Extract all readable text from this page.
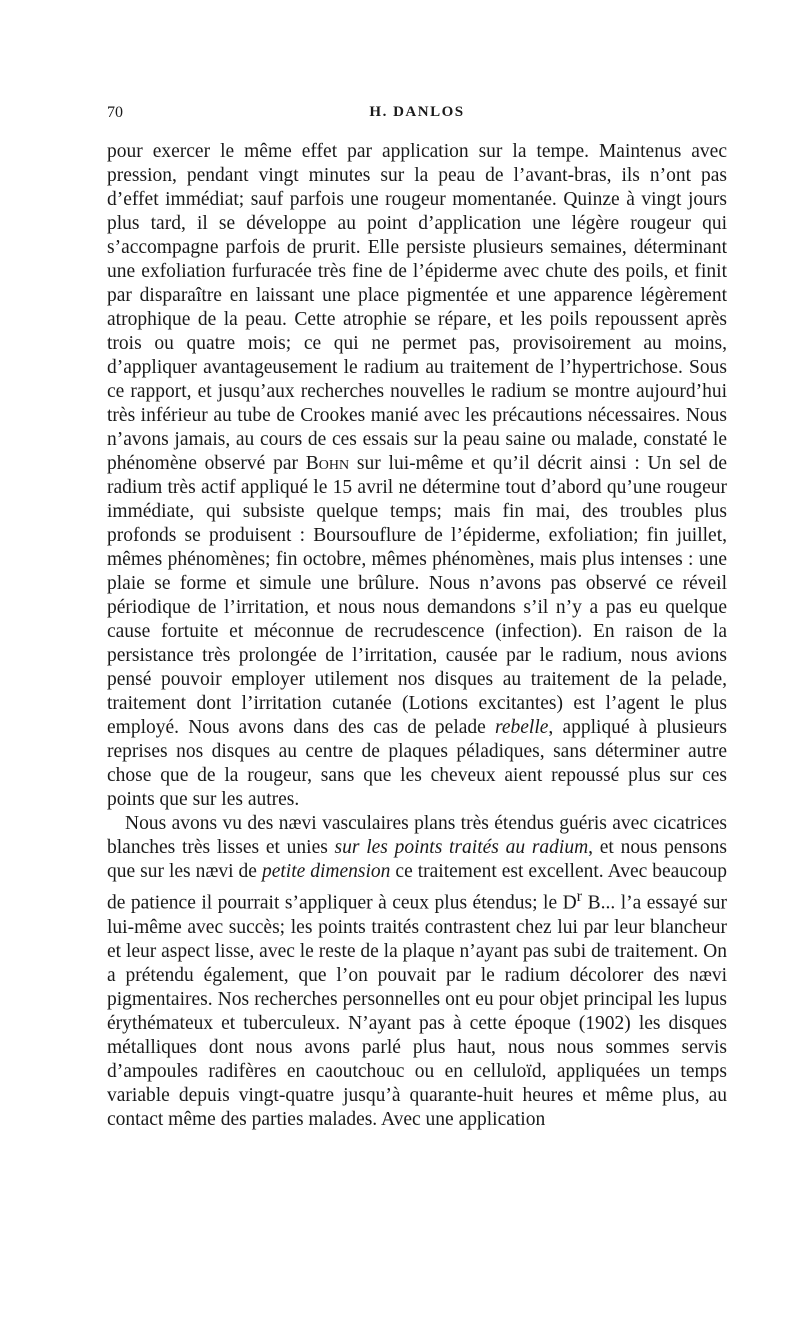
70	H. DANLOS

pour exercer le même effet par application sur la tempe. Maintenus avec pression, pendant vingt minutes sur la peau de l’avant-bras, ils n’ont pas d’effet immédiat; sauf parfois une rougeur momentanée. Quinze à vingt jours plus tard, il se développe au point d’application une légère rougeur qui s’accompagne parfois de prurit. Elle persiste plusieurs semaines, déterminant une exfoliation furfuracée très fine de l’épiderme avec chute des poils, et finit par disparaître en laissant une place pigmentée et une apparence légèrement atrophique de la peau. Cette atrophie se répare, et les poils repoussent après trois ou quatre mois; ce qui ne permet pas, provisoirement au moins, d’appliquer avantageusement le radium au traitement de l’hypertrichose. Sous ce rapport, et jusqu’aux recherches nouvelles le radium se montre aujourd’hui très inférieur au tube de Crookes manié avec les précautions nécessaires. Nous n’avons jamais, au cours de ces essais sur la peau saine ou malade, constaté le phénomène observé par Bohn sur lui-même et qu’il décrit ainsi : Un sel de radium très actif appliqué le 15 avril ne détermine tout d’abord qu’une rougeur immédiate, qui subsiste quelque temps; mais fin mai, des troubles plus profonds se produisent : Boursouflure de l’épiderme, exfoliation; fin juillet, mêmes phénomènes; fin octobre, mêmes phénomènes, mais plus intenses : une plaie se forme et simule une brûlure. Nous n’avons pas observé ce réveil périodique de l’irritation, et nous nous demandons s’il n’y a pas eu quelque cause fortuite et méconnue de recrudescence (infection). En raison de la persistance très prolongée de l’irritation, causée par le radium, nous avions pensé pouvoir employer utilement nos disques au traitement de la pelade, traitement dont l’irritation cutanée (Lotions excitantes) est l’agent le plus employé. Nous avons dans des cas de pelade rebelle, appliqué à plusieurs reprises nos disques au centre de plaques péladiques, sans déterminer autre chose que de la rougeur, sans que les cheveux aient repoussé plus sur ces points que sur les autres.

Nous avons vu des nævi vasculaires plans très étendus guéris avec cicatrices blanches très lisses et unies sur les points traités au radium, et nous pensons que sur les nævi de petite dimension ce traitement est excellent. Avec beaucoup de patience il pourrait s’appliquer à ceux plus étendus; le $D^r$ B... l’a essayé sur lui-même avec succès; les points traités contrastent chez lui par leur blancheur et leur aspect lisse, avec le reste de la plaque n’ayant pas subi de traitement. On a prétendu également, que l’on pouvait par le radium décolorer des nævi pigmentaires. Nos recherches personnelles ont eu pour objet principal les lupus érythémateux et tuberculeux. N’ayant pas à cette époque (1902) les disques métalliques dont nous avons parlé plus haut, nous nous sommes servis d’ampoules radifères en caoutchouc ou en celluloïd, appliquées un temps variable depuis vingt-quatre jusqu’à quarante-huit heures et même plus, au contact même des parties malades. Avec une application
